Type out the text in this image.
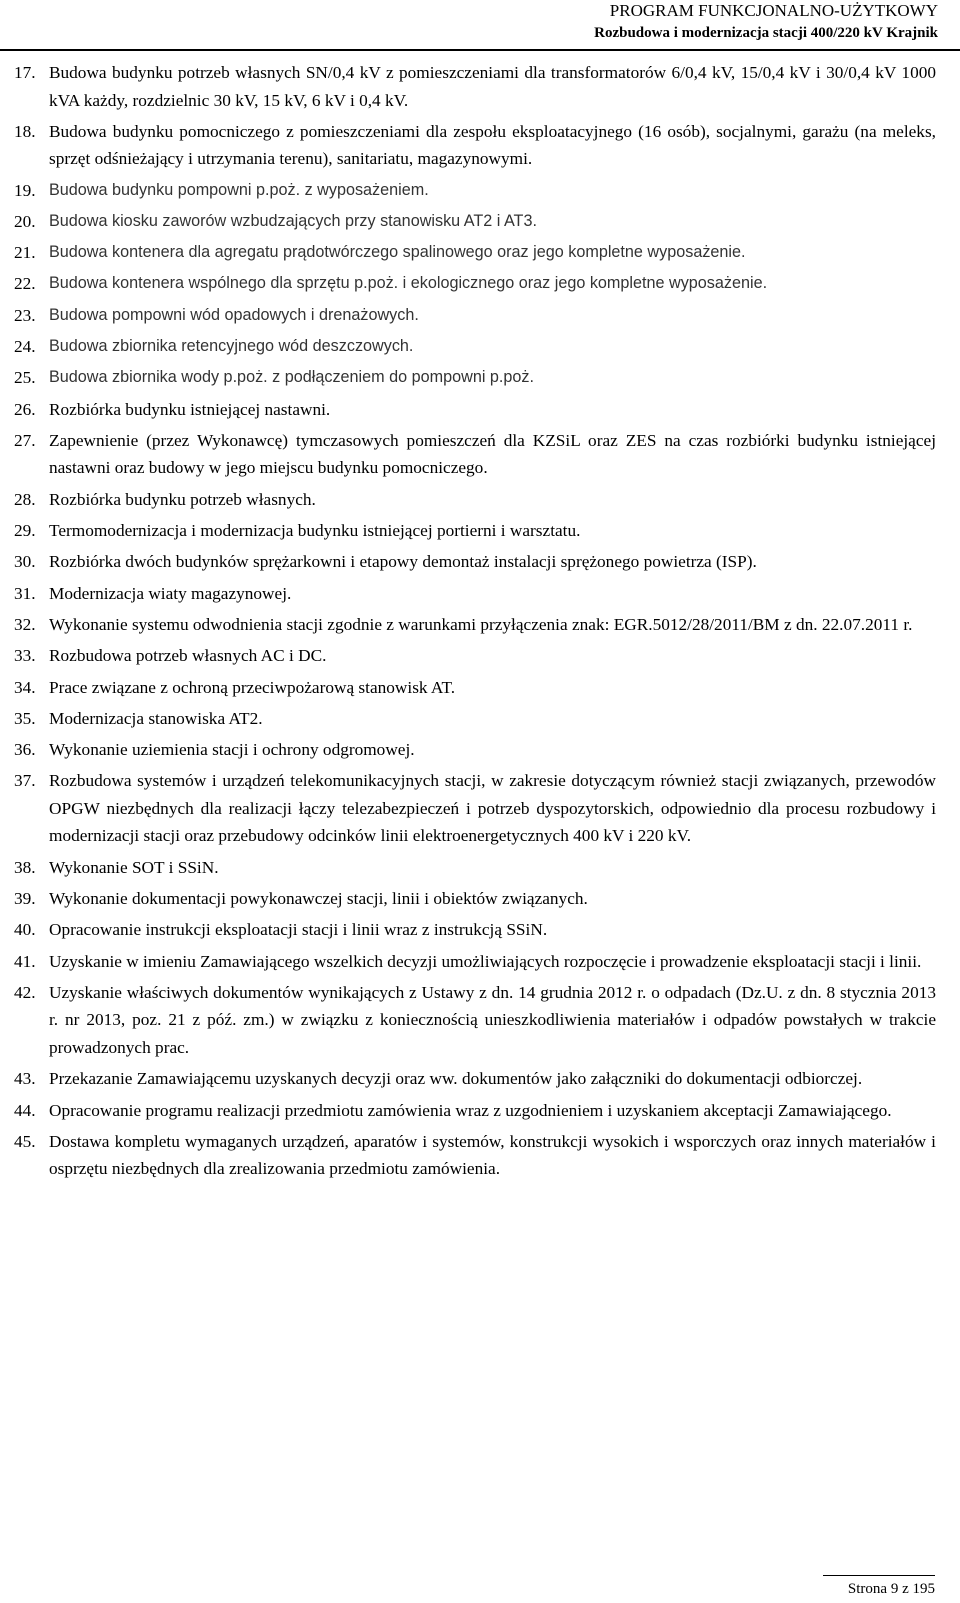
PROGRAM FUNKCJONALNO-UŻYTKOWY
Rozbudowa i modernizacja stacji 400/220 kV Krajnik
17. Budowa budynku potrzeb własnych SN/0,4 kV z pomieszczeniami dla transformatorów 6/0,4 kV, 15/0,4 kV i 30/0,4 kV 1000 kVA każdy, rozdzielnic 30 kV, 15 kV, 6 kV i 0,4 kV.
18. Budowa budynku pomocniczego z pomieszczeniami dla zespołu eksploatacyjnego (16 osób), socjalnymi, garażu (na meleks, sprzęt odśnieżający i utrzymania terenu), sanitariatu, magazynowymi.
19. Budowa budynku pompowni p.poż. z wyposażeniem.
20. Budowa kiosku zaworów wzbudzających przy stanowisku AT2 i AT3.
21. Budowa kontenera dla agregatu prądotwórczego spalinowego oraz jego kompletne wyposażenie.
22. Budowa kontenera wspólnego dla sprzętu p.poż. i ekologicznego oraz jego kompletne wyposażenie.
23. Budowa pompowni wód opadowych i drenażowych.
24. Budowa zbiornika retencyjnego wód deszczowych.
25. Budowa zbiornika wody p.poż. z podłączeniem do pompowni p.poż.
26. Rozbiórka budynku istniejącej nastawni.
27. Zapewnienie (przez Wykonawcę) tymczasowych pomieszczeń dla KZSiL oraz ZES na czas rozbiórki budynku istniejącej nastawni oraz budowy w jego miejscu budynku pomocniczego.
28. Rozbiórka budynku potrzeb własnych.
29. Termomodernizacja i modernizacja budynku istniejącej portierni i warsztatu.
30. Rozbiórka dwóch budynków sprężarkowni i etapowy demontaż instalacji sprężonego powietrza (ISP).
31. Modernizacja wiaty magazynowej.
32. Wykonanie systemu odwodnienia stacji zgodnie z warunkami przyłączenia znak: EGR.5012/28/2011/BM z dn. 22.07.2011 r.
33. Rozbudowa potrzeb własnych AC i DC.
34. Prace związane z ochroną przeciwpożarową stanowisk AT.
35. Modernizacja stanowiska AT2.
36. Wykonanie uziemienia stacji i ochrony odgromowej.
37. Rozbudowa systemów i urządzeń telekomunikacyjnych stacji, w zakresie dotyczącym również stacji związanych, przewodów OPGW niezbędnych dla realizacji łączy telezabezpieczeń i potrzeb dyspozytorskich, odpowiednio dla procesu rozbudowy i modernizacji stacji oraz przebudowy odcinków linii elektroenergetycznych 400 kV i 220 kV.
38. Wykonanie SOT i SSiN.
39. Wykonanie dokumentacji powykonawczej stacji, linii i obiektów związanych.
40. Opracowanie instrukcji eksploatacji stacji i linii wraz z instrukcją SSiN.
41. Uzyskanie w imieniu Zamawiającego wszelkich decyzji umożliwiających rozpoczęcie i prowadzenie eksploatacji stacji i linii.
42. Uzyskanie właściwych dokumentów wynikających z Ustawy z dn. 14 grudnia 2012 r. o odpadach (Dz.U. z dn. 8 stycznia 2013 r. nr 2013, poz. 21 z póź. zm.) w związku z koniecznością unieszkodliwienia materiałów i odpadów powstałych w trakcie prowadzonych prac.
43. Przekazanie Zamawiającemu uzyskanych decyzji oraz ww. dokumentów jako załączniki do dokumentacji odbiorczej.
44. Opracowanie programu realizacji przedmiotu zamówienia wraz z uzgodnieniem i uzyskaniem akceptacji Zamawiającego.
45. Dostawa kompletu wymaganych urządzeń, aparatów i systemów, konstrukcji wysokich i wsporczych oraz innych materiałów i osprzętu niezbędnych dla zrealizowania przedmiotu zamówienia.
Strona 9 z 195
